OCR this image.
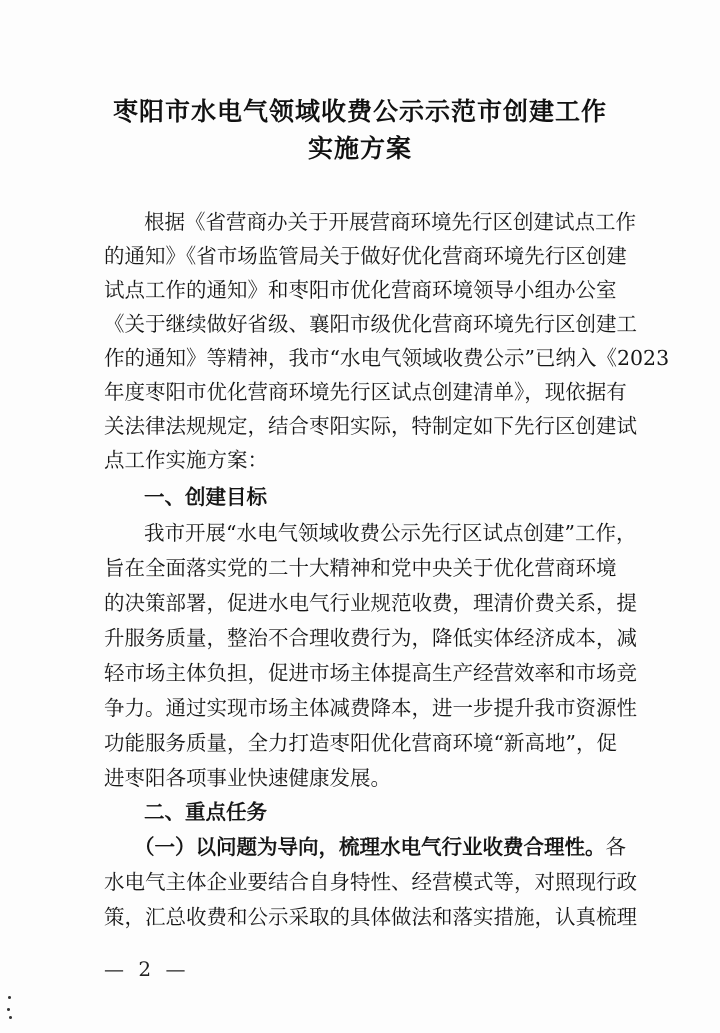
枣阳市水电气领域收费公示示范市创建工作
实施方案
根据《省营商办关于开展营商环境先行区创建试点工作
的通知》《省市场监管局关于做好优化营商环境先行区创建
试点工作的通知》和枣阳市优化营商环境领导小组办公室
《关于继续做好省级、襄阳市级优化营商环境先行区创建工
作的通知》等精神，我市“水电气领域收费公示”已纳入《2023
年度枣阳市优化营商环境先行区试点创建清单》，现依据有
关法律法规规定，结合枣阳实际，特制定如下先行区创建试
点工作实施方案：
一、创建目标
我市开展“水电气领域收费公示先行区试点创建”工作，
旨在全面落实党的二十大精神和党中央关于优化营商环境
的决策部署，促进水电气行业规范收费，理清价费关系，提
升服务质量，整治不合理收费行为，降低实体经济成本，减
轻市场主体负担，促进市场主体提高生产经营效率和市场竞
争力。通过实现市场主体减费降本，进一步提升我市资源性
功能服务质量，全力打造枣阳优化营商环境“新高地”，促
进枣阳各项事业快速健康发展。
二、重点任务
（一）以问题为导向，梳理水电气行业收费合理性。各
水电气主体企业要结合自身特性、经营模式等，对照现行政
策，汇总收费和公示采取的具体做法和落实措施，认真梳理
— 2 —
